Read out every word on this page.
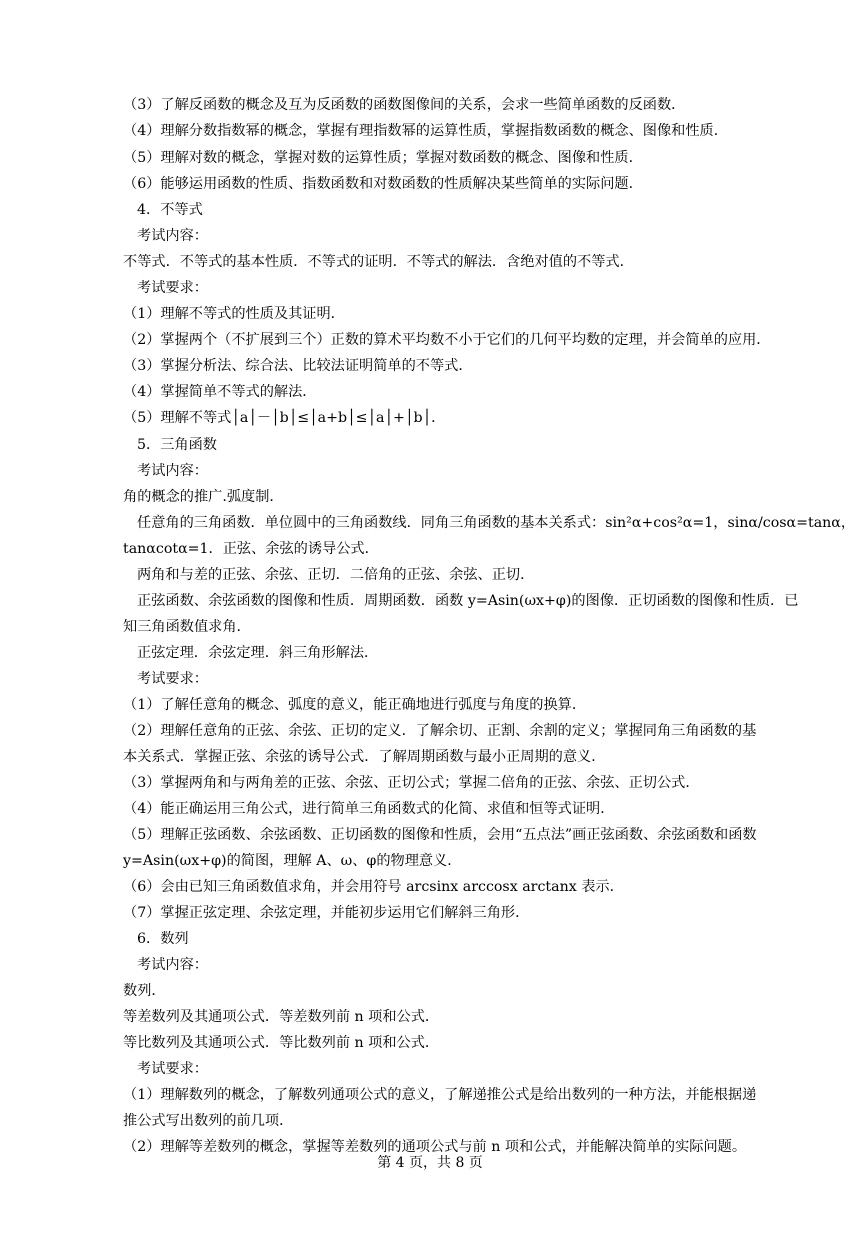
（3）了解反函数的概念及互为反函数的函数图像间的关系，会求一些简单函数的反函数．
（4）理解分数指数幂的概念，掌握有理指数幂的运算性质，掌握指数函数的概念、图像和性质．
（5）理解对数的概念，掌握对数的运算性质；掌握对数函数的概念、图像和性质．
（6）能够运用函数的性质、指数函数和对数函数的性质解决某些简单的实际问题．
4．不等式
考试内容：
不等式．不等式的基本性质．不等式的证明．不等式的解法．含绝对值的不等式．
考试要求：
（1）理解不等式的性质及其证明．
（2）掌握两个（不扩展到三个）正数的算术平均数不小于它们的几何平均数的定理，并会简单的应用．
（3）掌握分析法、综合法、比较法证明简单的不等式．
（4）掌握简单不等式的解法．
（5）理解不等式│a│－│b│≤│a+b│≤│a│+│b│．
5．三角函数
考试内容：
角的概念的推广.弧度制．
任意角的三角函数．单位圆中的三角函数线．同角三角函数的基本关系式：sin²α+cos²α=1，sinα/cosα=tanα，
tanαcotα=1．正弦、余弦的诱导公式．
两角和与差的正弦、余弦、正切．二倍角的正弦、余弦、正切．
正弦函数、余弦函数的图像和性质．周期函数．函数 y=Asin(ωx+φ)的图像．正切函数的图像和性质．已
知三角函数值求角．
正弦定理．余弦定理．斜三角形解法．
考试要求：
（1）了解任意角的概念、弧度的意义，能正确地进行弧度与角度的换算．
（2）理解任意角的正弦、余弦、正切的定义．了解余切、正割、余割的定义；掌握同角三角函数的基
本关系式．掌握正弦、余弦的诱导公式．了解周期函数与最小正周期的意义．
（3）掌握两角和与两角差的正弦、余弦、正切公式；掌握二倍角的正弦、余弦、正切公式．
（4）能正确运用三角公式，进行简单三角函数式的化简、求值和恒等式证明．
（5）理解正弦函数、余弦函数、正切函数的图像和性质，会用“五点法”画正弦函数、余弦函数和函数
y=Asin(ωx+φ)的简图，理解 A、ω、φ的物理意义．
（6）会由已知三角函数值求角，并会用符号 arcsinx arccosx arctanx 表示．
（7）掌握正弦定理、余弦定理，并能初步运用它们解斜三角形．
6．数列
考试内容：
数列．
等差数列及其通项公式．等差数列前 n 项和公式．
等比数列及其通项公式．等比数列前 n 项和公式．
考试要求：
（1）理解数列的概念，了解数列通项公式的意义，了解递推公式是给出数列的一种方法，并能根据递
推公式写出数列的前几项．
（2）理解等差数列的概念，掌握等差数列的通项公式与前 n 项和公式，并能解决简单的实际问题。
第 4 页，共 8 页
